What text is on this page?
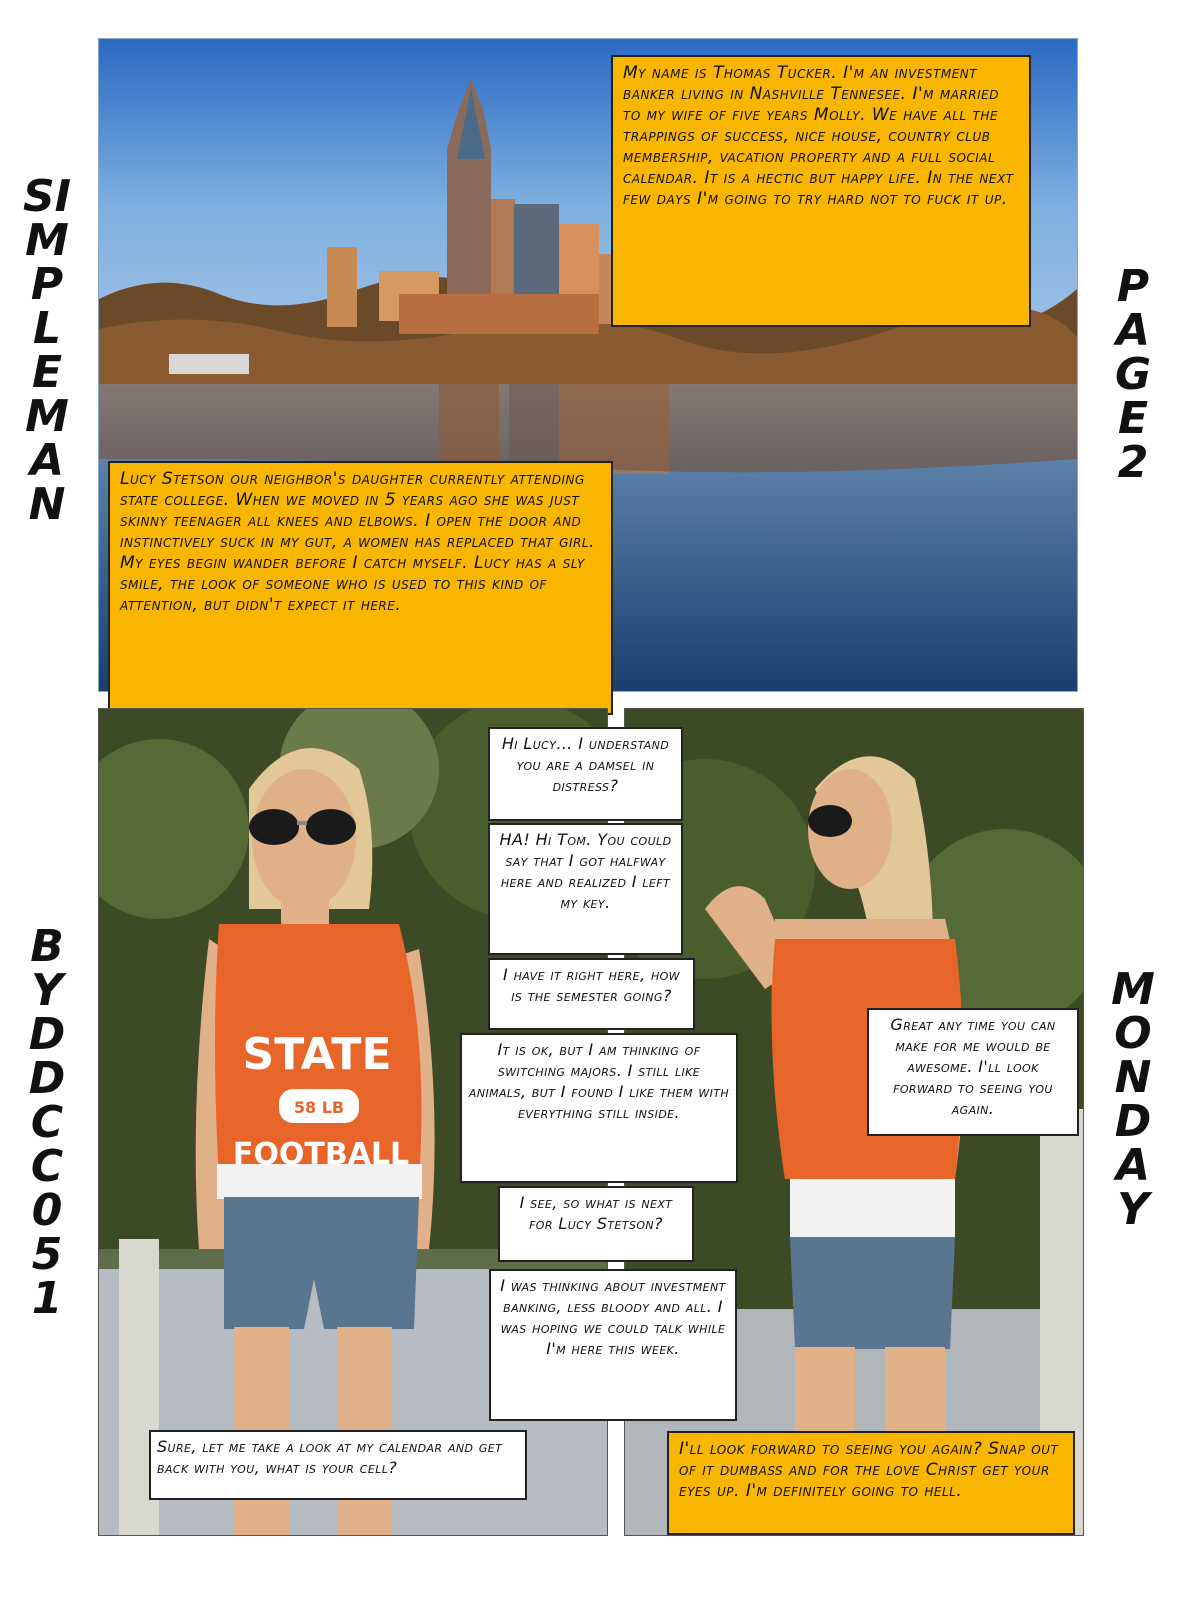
SIMPLE MAN
BY DDCC051
PAGE 2
MONDAY
My name is Thomas Tucker. I'm an investment banker living in Nashville Tennesee. I'm married to my wife of five years Molly. We have all the trappings of success, nice house, country club membership, vacation property and a full social calendar. It is a hectic but happy life. In the next few days I'm going to try hard not to fuck it up.
Lucy Stetson our neighbor's daughter currently attending state college. When we moved in 5 years ago she was just skinny teenager all knees and elbows. I open the door and instinctively suck in my gut, a women has replaced that girl. My eyes begin wander before I catch myself. Lucy has a sly smile, the look of someone who is used to this kind of attention, but didn't expect it here.
STATE
58 LB
FOOTBALL
Sure, let me take a look at my calendar and get back with you, what is your cell?
Great any time you can make for me would be awesome. I'll look forward to seeing you again.
I'll look forward to seeing you again? Snap out of it dumbass and for the love Christ get your eyes up. I'm definitely going to hell.
Hi Lucy… I understand you are a damsel in distress?
HA! Hi Tom. You could say that I got halfway here and realized I left my key.
I have it right here, how is the semester going?
It is ok, but I am thinking of switching majors. I still like animals, but I found I like them with everything still inside.
I see, so what is next for Lucy Stetson?
I was thinking about investment banking, less bloody and all. I was hoping we could talk while I'm here this week.
